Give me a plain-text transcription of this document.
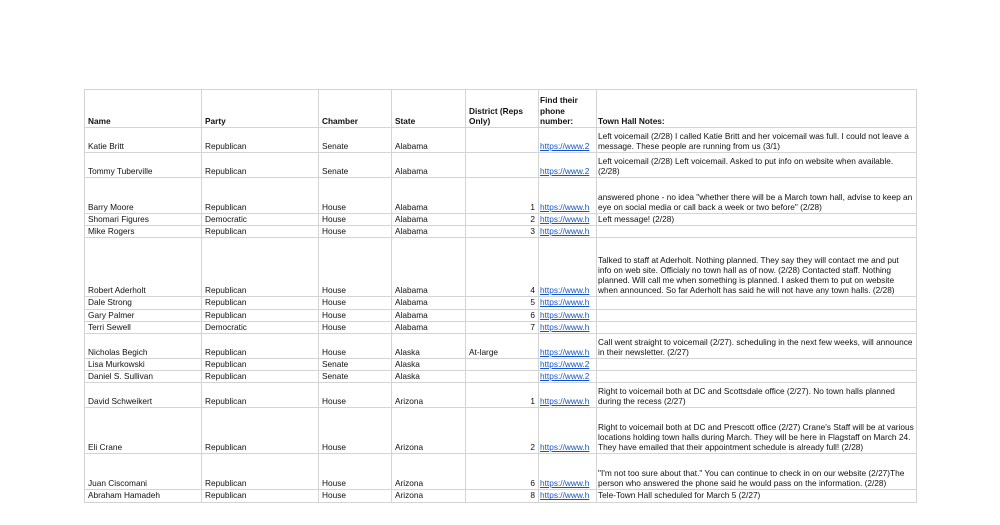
Name	Party	Chamber	State	District (Reps Only)	Find their phone number:	Town Hall Notes:
Katie Britt	Republican	Senate	Alabama		https://www.2	Left voicemail (2/28) I called Katie Britt and her voicemail was full. I could not leave a message. These people are running from us (3/1)
Tommy Tuberville	Republican	Senate	Alabama		https://www.2	Left voicemail (2/28) Left voicemail. Asked to put info on website when available. (2/28)
Barry Moore	Republican	House	Alabama	1	https://www.h	answered phone - no idea "whether there will be a March town hall, advise to keep an eye on social media or call back a week or two before" (2/28)
Shomari Figures	Democratic	House	Alabama	2	https://www.h	Left message! (2/28)
Mike Rogers	Republican	House	Alabama	3	https://www.h	
Robert Aderholt	Republican	House	Alabama	4	https://www.h	Talked to staff at Aderholt. Nothing planned. They say they will contact me and put info on web site. Officialy no town hall as of now. (2/28) Contacted staff. Nothing planned. Will call me when something is planned. I asked them to put on website when announced. So far Aderholt has said he will not have any town halls. (2/28)
Dale Strong	Republican	House	Alabama	5	https://www.h	
Gary Palmer	Republican	House	Alabama	6	https://www.h	
Terri Sewell	Democratic	House	Alabama	7	https://www.h	
Nicholas Begich	Republican	House	Alaska	At-large	https://www.h	Call went straight to voicemail (2/27). scheduling in the next few weeks, will announce in their newsletter. (2/27)
Lisa Murkowski	Republican	Senate	Alaska		https://www.2	
Daniel S. Sullivan	Republican	Senate	Alaska		https://www.2	
David Schweikert	Republican	House	Arizona	1	https://www.h	Right to voicemail both at DC and Scottsdale office (2/27). No town halls planned during the recess (2/27)
Eli Crane	Republican	House	Arizona	2	https://www.h	Right to voicemail both at DC and Prescott office (2/27) Crane's Staff will be at various locations holding town halls during March. They will be here in Flagstaff on March 24. They have emailed that their appointment schedule is already full! (2/28)
Juan Ciscomani	Republican	House	Arizona	6	https://www.h	"I'm not too sure about that." You can continue to check in on our website (2/27)The person who answered the phone said he would pass on the information. (2/28)
Abraham Hamadeh	Republican	House	Arizona	8	https://www.h	Tele-Town Hall scheduled for March 5 (2/27)
